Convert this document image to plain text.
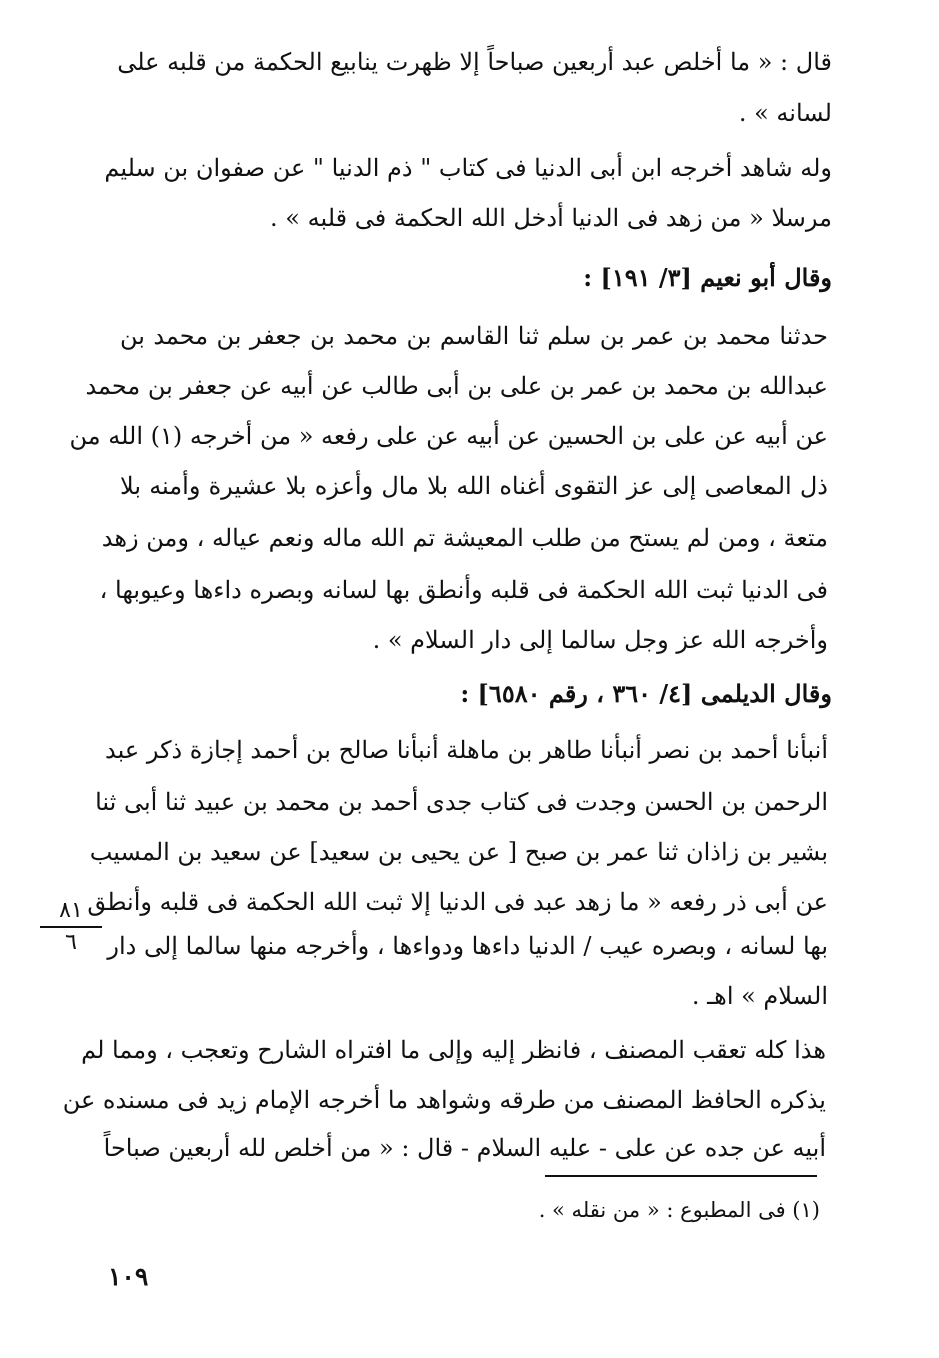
قال : « ما أخلص عبد أربعين صباحاً إلا ظهرت ينابيع الحكمة من قلبه على
لسانه » .
وله شاهد أخرجه ابن أبى الدنيا فى كتاب " ذم الدنيا " عن صفوان بن سليم
مرسلا « من زهد فى الدنيا أدخل الله الحكمة فى قلبه » .
وقال أبو نعيم [٣/ ١٩١] :
حدثنا محمد بن عمر بن سلم ثنا القاسم بن محمد بن جعفر بن محمد بن
عبدالله بن محمد بن عمر بن على بن أبى طالب عن أبيه عن جعفر بن محمد
عن أبيه عن على بن الحسين عن أبيه عن على رفعه « من أخرجه (١) الله من
ذل المعاصى إلى عز التقوى أغناه الله بلا مال وأعزه بلا عشيرة وأمنه بلا
متعة ، ومن لم يستح من طلب المعيشة تم الله ماله ونعم عياله ، ومن زهد
فى الدنيا ثبت الله الحكمة فى قلبه وأنطق بها لسانه وبصره داءها وعيوبها ،
وأخرجه الله عز وجل سالما إلى دار السلام » .
وقال الديلمى [٤/ ٣٦٠ ، رقم ٦٥٨٠] :
أنبأنا أحمد بن نصر أنبأنا طاهر بن ماهلة أنبأنا صالح بن أحمد إجازة ذكر عبد
الرحمن بن الحسن وجدت فى كتاب جدى أحمد بن محمد بن عبيد ثنا أبى ثنا
بشير بن زاذان ثنا عمر بن صبح [ عن يحيى بن سعيد] عن سعيد بن المسيب
عن أبى ذر رفعه « ما زهد عبد فى الدنيا إلا ثبت الله الحكمة فى قلبه وأنطق
بها لسانه ، وبصره عيب / الدنيا داءها ودواءها ، وأخرجه منها سالما إلى دار
السلام » اهـ .
هذا كله تعقب المصنف ، فانظر إليه وإلى ما افتراه الشارح وتعجب ، ومما لم
يذكره الحافظ المصنف من طرقه وشواهد ما أخرجه الإمام زيد فى مسنده عن
أبيه عن جده عن على - عليه السلام - قال : « من أخلص لله أربعين صباحاً
٨١
٦
(١) فى المطبوع : « من نقله » .
١٠٩
